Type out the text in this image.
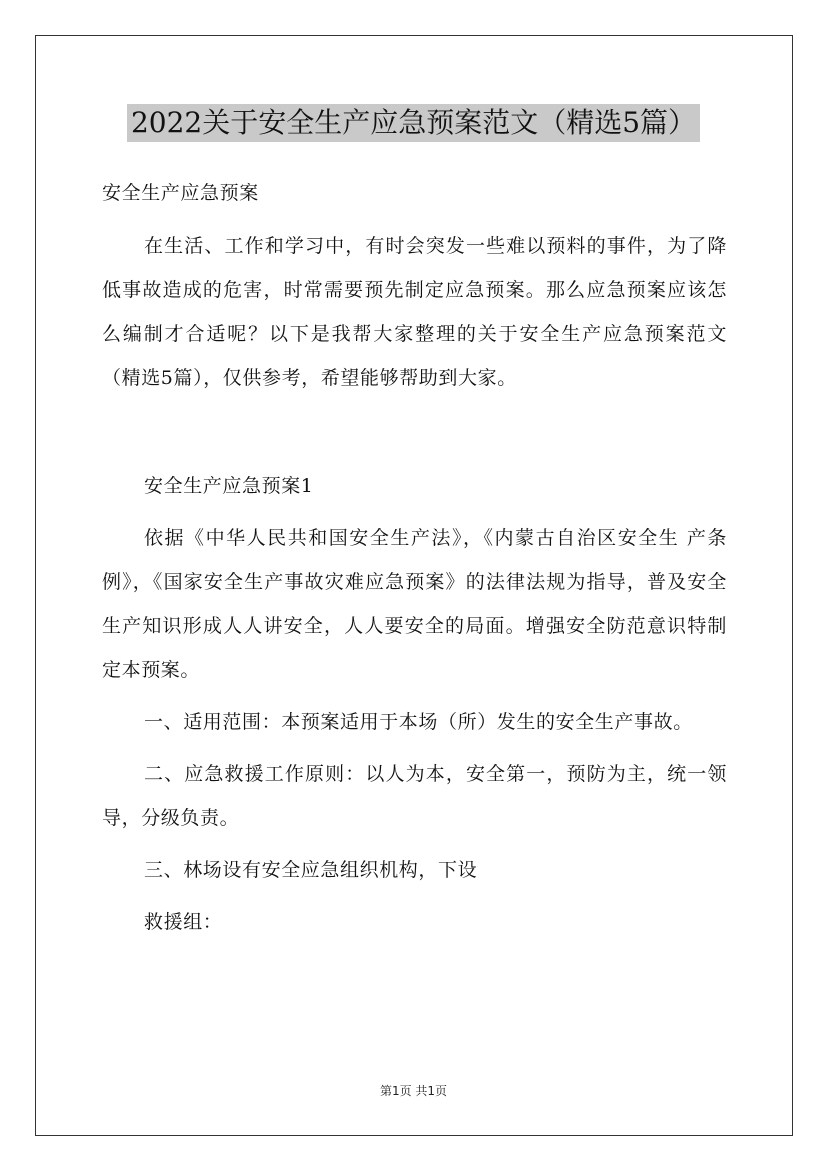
2022关于安全生产应急预案范文（精选5篇）
安全生产应急预案

在生活、工作和学习中，有时会突发一些难以预料的事件，为了降低事故造成的危害，时常需要预先制定应急预案。那么应急预案应该怎么编制才合适呢？以下是我帮大家整理的关于安全生产应急预案范文（精选5篇），仅供参考，希望能够帮助到大家。

安全生产应急预案1

依据《中华人民共和国安全生产法》，《内蒙古自治区安全生 产条例》，《国家安全生产事故灾难应急预案》的法律法规为指导，普及安全生产知识形成人人讲安全，人人要安全的局面。增强安全防范意识特制定本预案。

一、适用范围：本预案适用于本场（所）发生的安全生产事故。

二、应急救援工作原则：以人为本，安全第一，预防为主，统一领导，分级负责。

三、林场设有安全应急组织机构，下设

救援组：

第1页 共1页
